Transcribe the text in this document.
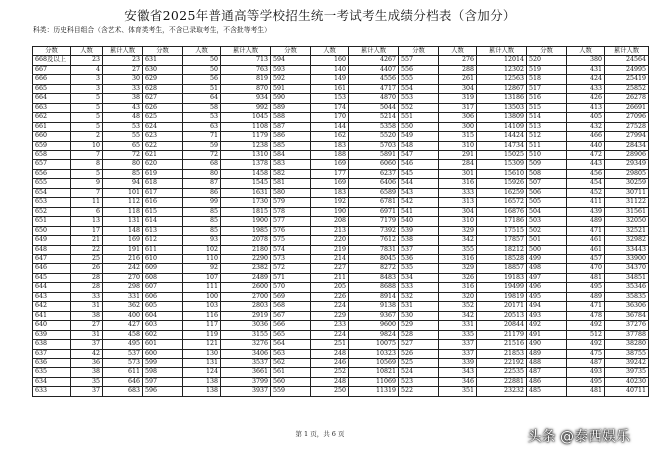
安徽省2025年普通高等学校招生统一考试考生成绩分档表（含加分）
科类：历史科目组合（含艺术、体育类考生，不含已录取考生，不含批等考生）
分数	人数	累计人数	分数	人数	累计人数	分数	人数	累计人数	分数	人数	累计人数	分数	人数	累计人数
668及以上	23	23	631	50	713	594	160	4267	557	276	12014	520	380	24564
667	4	27	630	50	763	593	140	4407	556	288	12302	519	431	24995
666	3	30	629	56	819	592	149	4556	555	261	12563	518	424	25419
665	3	33	628	51	870	591	161	4717	554	304	12867	517	433	25852
664	5	38	627	64	934	590	153	4870	553	319	13186	516	426	26278
663	5	43	626	58	992	589	174	5044	552	317	13503	515	413	26691
662	5	48	625	53	1045	588	170	5214	551	306	13809	514	405	27096
661	5	53	624	63	1108	587	144	5358	550	300	14109	513	432	27528
660	2	55	623	71	1179	586	162	5520	549	315	14424	512	466	27994
659	10	65	622	59	1238	585	183	5703	548	310	14734	511	440	28434
658	7	72	621	72	1310	584	188	5891	547	291	15025	510	472	28906
657	8	80	620	68	1378	583	169	6060	546	284	15309	509	443	29349
656	5	85	619	80	1458	582	177	6237	545	301	15610	508	456	29805
655	9	94	618	87	1545	581	169	6406	544	316	15926	507	454	30259
654	7	101	617	86	1631	580	183	6589	543	333	16259	506	452	30711
653	11	112	616	99	1730	579	192	6781	542	313	16572	505	411	31122
652	6	118	615	85	1815	578	190	6971	541	304	16876	504	439	31561
651	13	131	614	85	1900	577	208	7179	540	310	17186	503	489	32050
650	17	148	613	85	1985	576	213	7392	539	329	17515	502	471	32521
649	21	169	612	93	2078	575	220	7612	538	342	17857	501	461	32982
648	22	191	611	102	2180	574	219	7831	537	355	18212	500	461	33443
647	25	216	610	110	2290	573	214	8045	536	316	18528	499	457	33900
646	26	242	609	92	2382	572	227	8272	535	329	18857	498	470	34370
645	28	270	608	107	2489	571	211	8483	534	326	19183	497	481	34851
644	28	298	607	111	2600	570	205	8688	533	316	19499	496	495	35346
643	33	331	606	100	2700	569	226	8914	532	320	19819	495	489	35835
642	31	362	605	103	2803	568	224	9138	531	352	20171	494	471	36306
641	38	400	604	116	2919	567	229	9367	530	342	20513	493	478	36784
640	27	427	603	117	3036	566	233	9600	529	331	20844	492	492	37276
639	31	458	602	119	3155	565	224	9824	528	335	21179	491	512	37788
638	37	495	601	121	3276	564	251	10075	527	337	21516	490	492	38280
637	42	537	600	130	3406	563	248	10323	526	337	21853	489	475	38755
636	36	573	599	131	3537	562	246	10569	525	339	22192	488	487	39242
635	38	611	598	124	3661	561	252	10821	524	343	22535	487	493	39735
634	35	646	597	138	3799	560	248	11069	523	346	22881	486	495	40230
633	37	683	596	138	3937	559	250	11319	522	351	23232	485	481	40711
第 1 页，共 6 页	头条 @泰西娱乐
